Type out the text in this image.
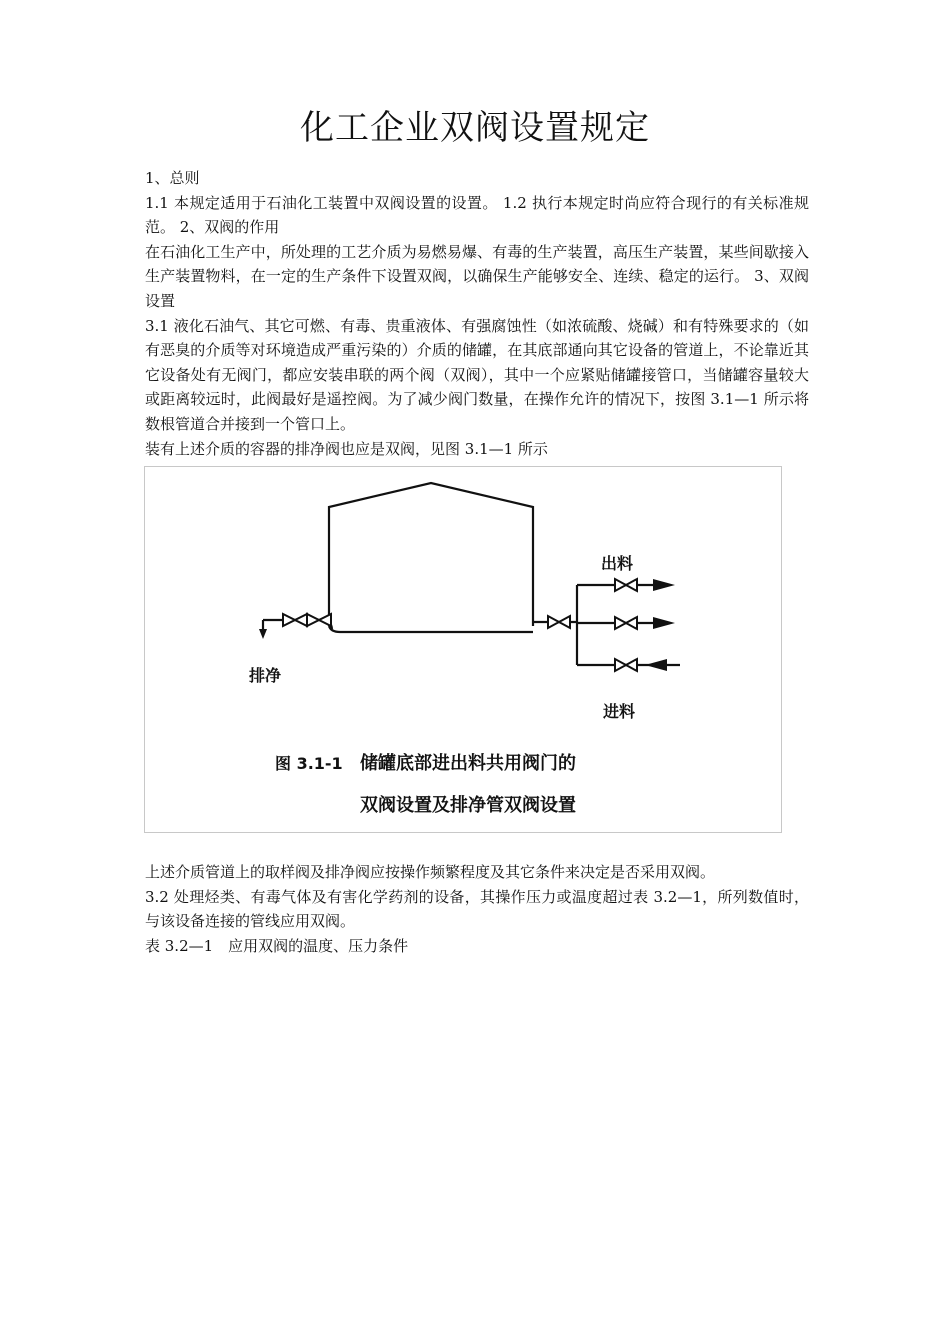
化工企业双阀设置规定

1、总则

1.1 本规定适用于石油化工装置中双阀设置的设置。 1.2 执行本规定时尚应符合现行的有关标准规范。 2、双阀的作用

在石油化工生产中，所处理的工艺介质为易燃易爆、有毒的生产装置，高压生产装置，某些间歇接入生产装置物料，在一定的生产条件下设置双阀，以确保生产能够安全、连续、稳定的运行。 3、双阀设置

3.1 液化石油气、其它可燃、有毒、贵重液体、有强腐蚀性（如浓硫酸、烧碱）和有特殊要求的（如有恶臭的介质等对环境造成严重污染的）介质的储罐，在其底部通向其它设备的管道上，不论靠近其它设备处有无阀门，都应安装串联的两个阀（双阀），其中一个应紧贴储罐接管口，当储罐容量较大或距离较远时，此阀最好是遥控阀。为了减少阀门数量，在操作允许的情况下，按图 3.1—1 所示将数根管道合并接到一个管口上。

装有上述介质的容器的排净阀也应是双阀，见图 3.1—1 所示

出料
进料
排净
图 3.1-1 储罐底部进出料共用阀门的
双阀设置及排净管双阀设置

上述介质管道上的取样阀及排净阀应按操作频繁程度及其它条件来决定是否采用双阀。

3.2 处理烃类、有毒气体及有害化学药剂的设备，其操作压力或温度超过表 3.2—1，所列数值时，与该设备连接的管线应用双阀。

表 3.2—1　应用双阀的温度、压力条件
